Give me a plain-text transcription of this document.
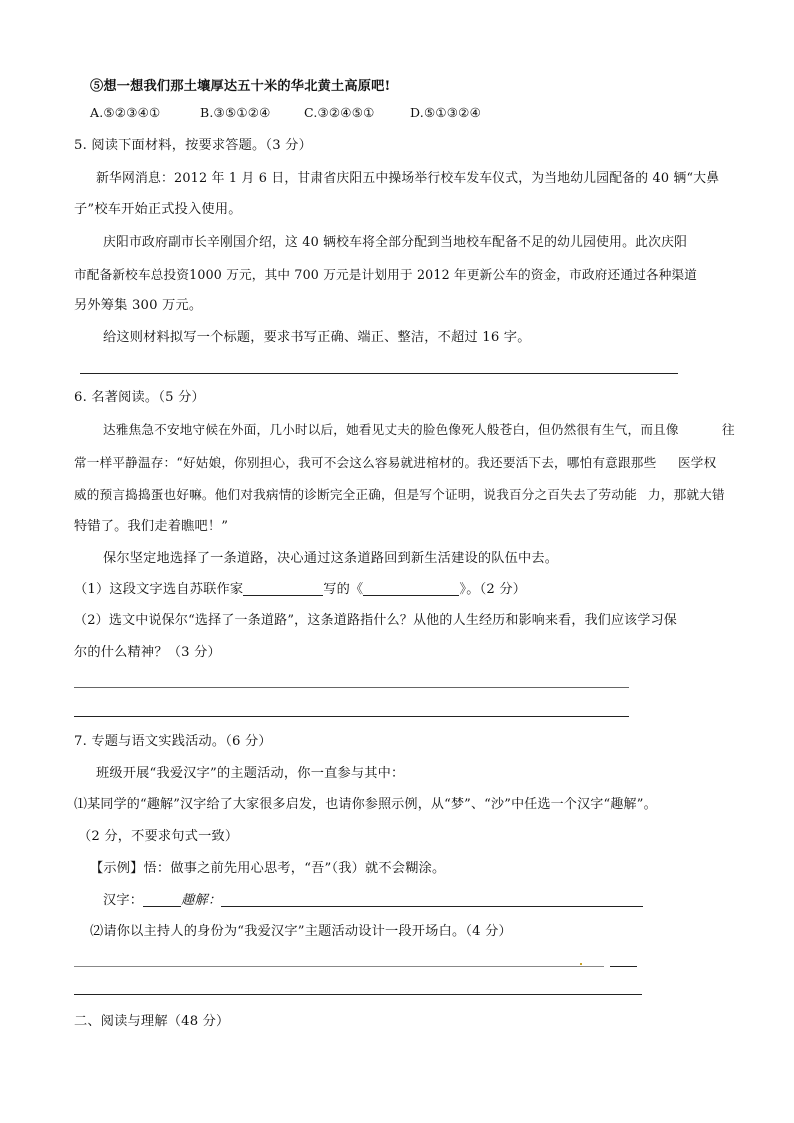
⑤想一想我们那土壤厚达五十米的华北黄土高原吧!
A.⑤②③④①	B.③⑤①②④	C.③②④⑤①	D.⑤①③②④
5. 阅读下面材料，按要求答题。（3 分）
新华网消息：2012 年 1 月 6 日，甘肃省庆阳五中操场举行校车发车仪式，为当地幼儿园配备的 40 辆“大鼻
子”校车开始正式投入使用。
庆阳市政府副市长辛刚国介绍，这 40 辆校车将全部分配到当地校车配备不足的幼儿园使用。此次庆阳
市配备新校车总投资1000 万元，其中 700 万元是计划用于 2012 年更新公车的资金，市政府还通过各种渠道
另外筹集 300 万元。
给这则材料拟写一个标题，要求书写正确、端正、整洁，不超过 16 字。
6. 名著阅读。（5 分）
达雅焦急不安地守候在外面，几小时以后，她看见丈夫的脸色像死人般苍白，但仍然很有生气，而且像	往
常一样平静温存：“好姑娘，你别担心，我可不会这么容易就进棺材的。我还要活下去，哪怕有意跟那些 医学权
威的预言捣捣蛋也好嘛。他们对我病情的诊断完全正确，但是写个证明，说我百分之百失去了劳动能 力，那就大错
特错了。我们走着瞧吧！”
保尔坚定地选择了一条道路，决心通过这条道路回到新生活建设的队伍中去。
（1）这段文字选自苏联作家	写的《	》。（2 分）
（2）选文中说保尔“选择了一条道路”，这条道路指什么？从他的人生经历和影响来看，我们应该学习保
尔的什么精神？（3 分）
7. 专题与语文实践活动。（6 分）
班级开展“我爱汉字”的主题活动，你一直参与其中：
⑴某同学的“趣解”汉字给了大家很多启发，也请你参照示例，从“梦”、“沙”中任选一个汉字“趣解”。
（2 分，不要求句式一致）
【示例】悟：做事之前先用心思考，“吾”（我）就不会糊涂。
汉字：	趣解：
⑵请你以主持人的身份为“我爱汉字”主题活动设计一段开场白。（4 分）
二、阅读与理解（48 分）
